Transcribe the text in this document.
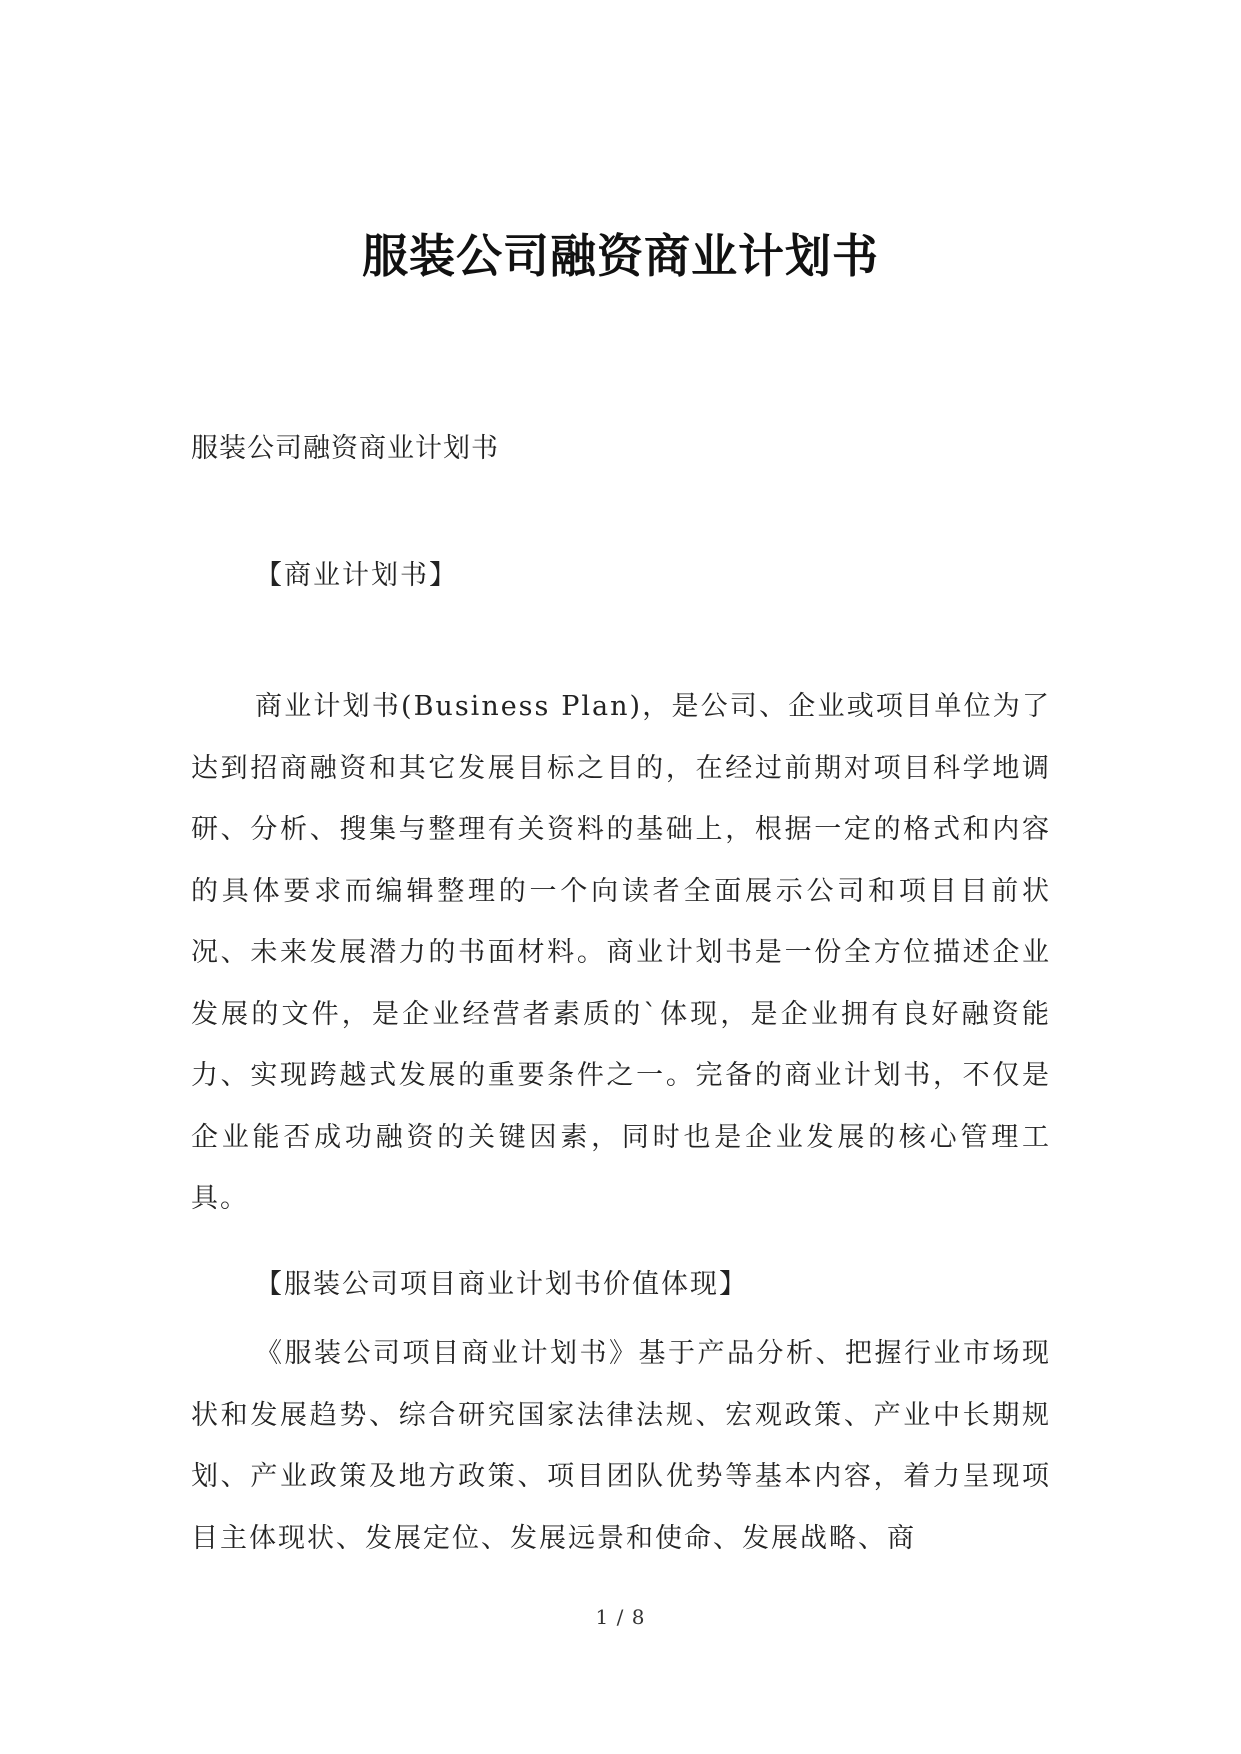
服装公司融资商业计划书
服装公司融资商业计划书
【商业计划书】

商业计划书(Business Plan)，是公司、企业或项目单位为了达到招商融资和其它发展目标之目的，在经过前期对项目科学地调研、分析、搜集与整理有关资料的基础上，根据一定的格式和内容的具体要求而编辑整理的一个向读者全面展示公司和项目目前状况、未来发展潜力的书面材料。商业计划书是一份全方位描述企业发展的文件，是企业经营者素质的`体现，是企业拥有良好融资能力、实现跨越式发展的重要条件之一。完备的商业计划书，不仅是企业能否成功融资的关键因素，同时也是企业发展的核心管理工具。

【服装公司项目商业计划书价值体现】

《服装公司项目商业计划书》基于产品分析、把握行业市场现状和发展趋势、综合研究国家法律法规、宏观政策、产业中长期规划、产业政策及地方政策、项目团队优势等基本内容，着力呈现项目主体现状、发展定位、发展远景和使命、发展战略、商

1 / 8
